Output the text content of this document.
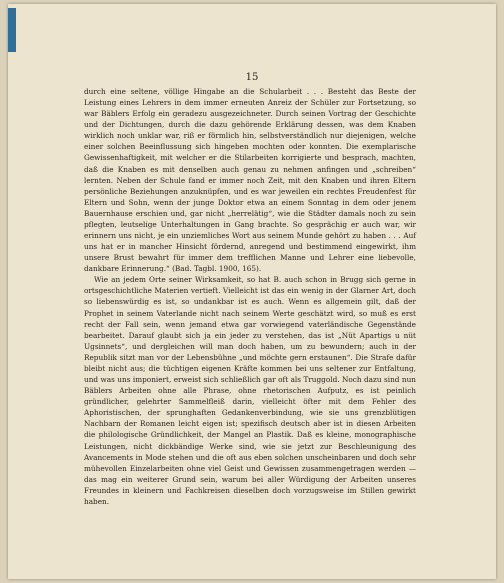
15

durch eine seltene, völlige Hingabe an die Schularbeit . . . Besteht das Beste der Leistung eines Lehrers in dem immer erneuten Anreiz der Schüler zur Fortsetzung, so war Bäblers Erfolg ein geradezu ausgezeichneter. Durch seinen Vortrag der Geschichte und der Dichtungen, durch die dazu gehörende Erklärung dessen, was dem Knaben wirklich noch unklar war, riß er förmlich hin, selbstverständlich nur diejenigen, welche einer solchen Beeinflussung sich hingeben mochten oder konnten. Die exemplarische Gewissenhaftigkeit, mit welcher er die Stilarbeiten korrigierte und besprach, machten, daß die Knaben es mit denselben auch genau zu nehmen anfingen und „schreiben“ lernten. Neben der Schule fand er immer noch Zeit, mit den Knaben und ihren Eltern persönliche Beziehungen anzuknüpfen, und es war jeweilen ein rechtes Freudenfest für Eltern und Sohn, wenn der junge Doktor etwa an einem Sonntag in dem oder jenem Bauernhause erschien und, gar nicht „herrelätig“, wie die Städter damals noch zu sein pflegten, leutselige Unterhaltungen in Gang brachte. So gesprächig er auch war, wir erinnern uns nicht, je ein unziemliches Wort aus seinem Munde gehört zu haben . . . Auf uns hat er in mancher Hinsicht fördernd, anregend und bestimmend eingewirkt, ihm unsere Brust bewahrt für immer dem trefflichen Manne und Lehrer eine liebevolle, dankbare Erinnerung.“ (Bad. Tagbl. 1900, 165).

Wie an jedem Orte seiner Wirksamkeit, so hat B. auch schon in Brugg sich gerne in ortsgeschichtliche Materien vertieft. Vielleicht ist das ein wenig in der Glarner Art, doch so liebenswürdig es ist, so undankbar ist es auch. Wenn es allgemein gilt, daß der Prophet in seinem Vaterlande nicht nach seinem Werte geschätzt wird, so muß es erst recht der Fall sein, wenn jemand etwa gar vorwiegend vaterländische Gegenstände bearbeitet. Darauf glaubt sich ja ein jeder zu verstehen, das ist „Nüt Apartigs u nüt Ugsinnets“, und dergleichen will man doch haben, um zu bewundern; auch in der Republik sitzt man vor der Lebensbühne „und möchte gern erstaunen“. Die Strafe dafür bleibt nicht aus; die tüchtigen eigenen Kräfte kommen bei uns seltener zur Entfaltung, und was uns imponiert, erweist sich schließlich gar oft als Truggold. Noch dazu sind nun Bäblers Arbeiten ohne alle Phrase, ohne rhetorischen Aufputz, es ist peinlich gründlicher, gelehrter Sammelfleiß darin, vielleicht öfter mit dem Fehler des Aphoristischen, der sprunghaften Gedankenverbindung, wie sie uns grenzblütigen Nachbarn der Romanen leicht eigen ist; spezifisch deutsch aber ist in diesen Arbeiten die philologische Gründlichkeit, der Mangel an Plastik. Daß es kleine, monographische Leistungen, nicht dickbändige Werke sind, wie sie jetzt zur Beschleunigung des Avancements in Mode stehen und die oft aus eben solchen unscheinbaren und doch sehr mühevollen Einzelarbeiten ohne viel Geist und Gewissen zusammengetragen werden — das mag ein weiterer Grund sein, warum bei aller Würdigung der Arbeiten unseres Freundes in kleinern und Fachkreisen dieselben doch vorzugsweise im Stillen gewirkt haben.
